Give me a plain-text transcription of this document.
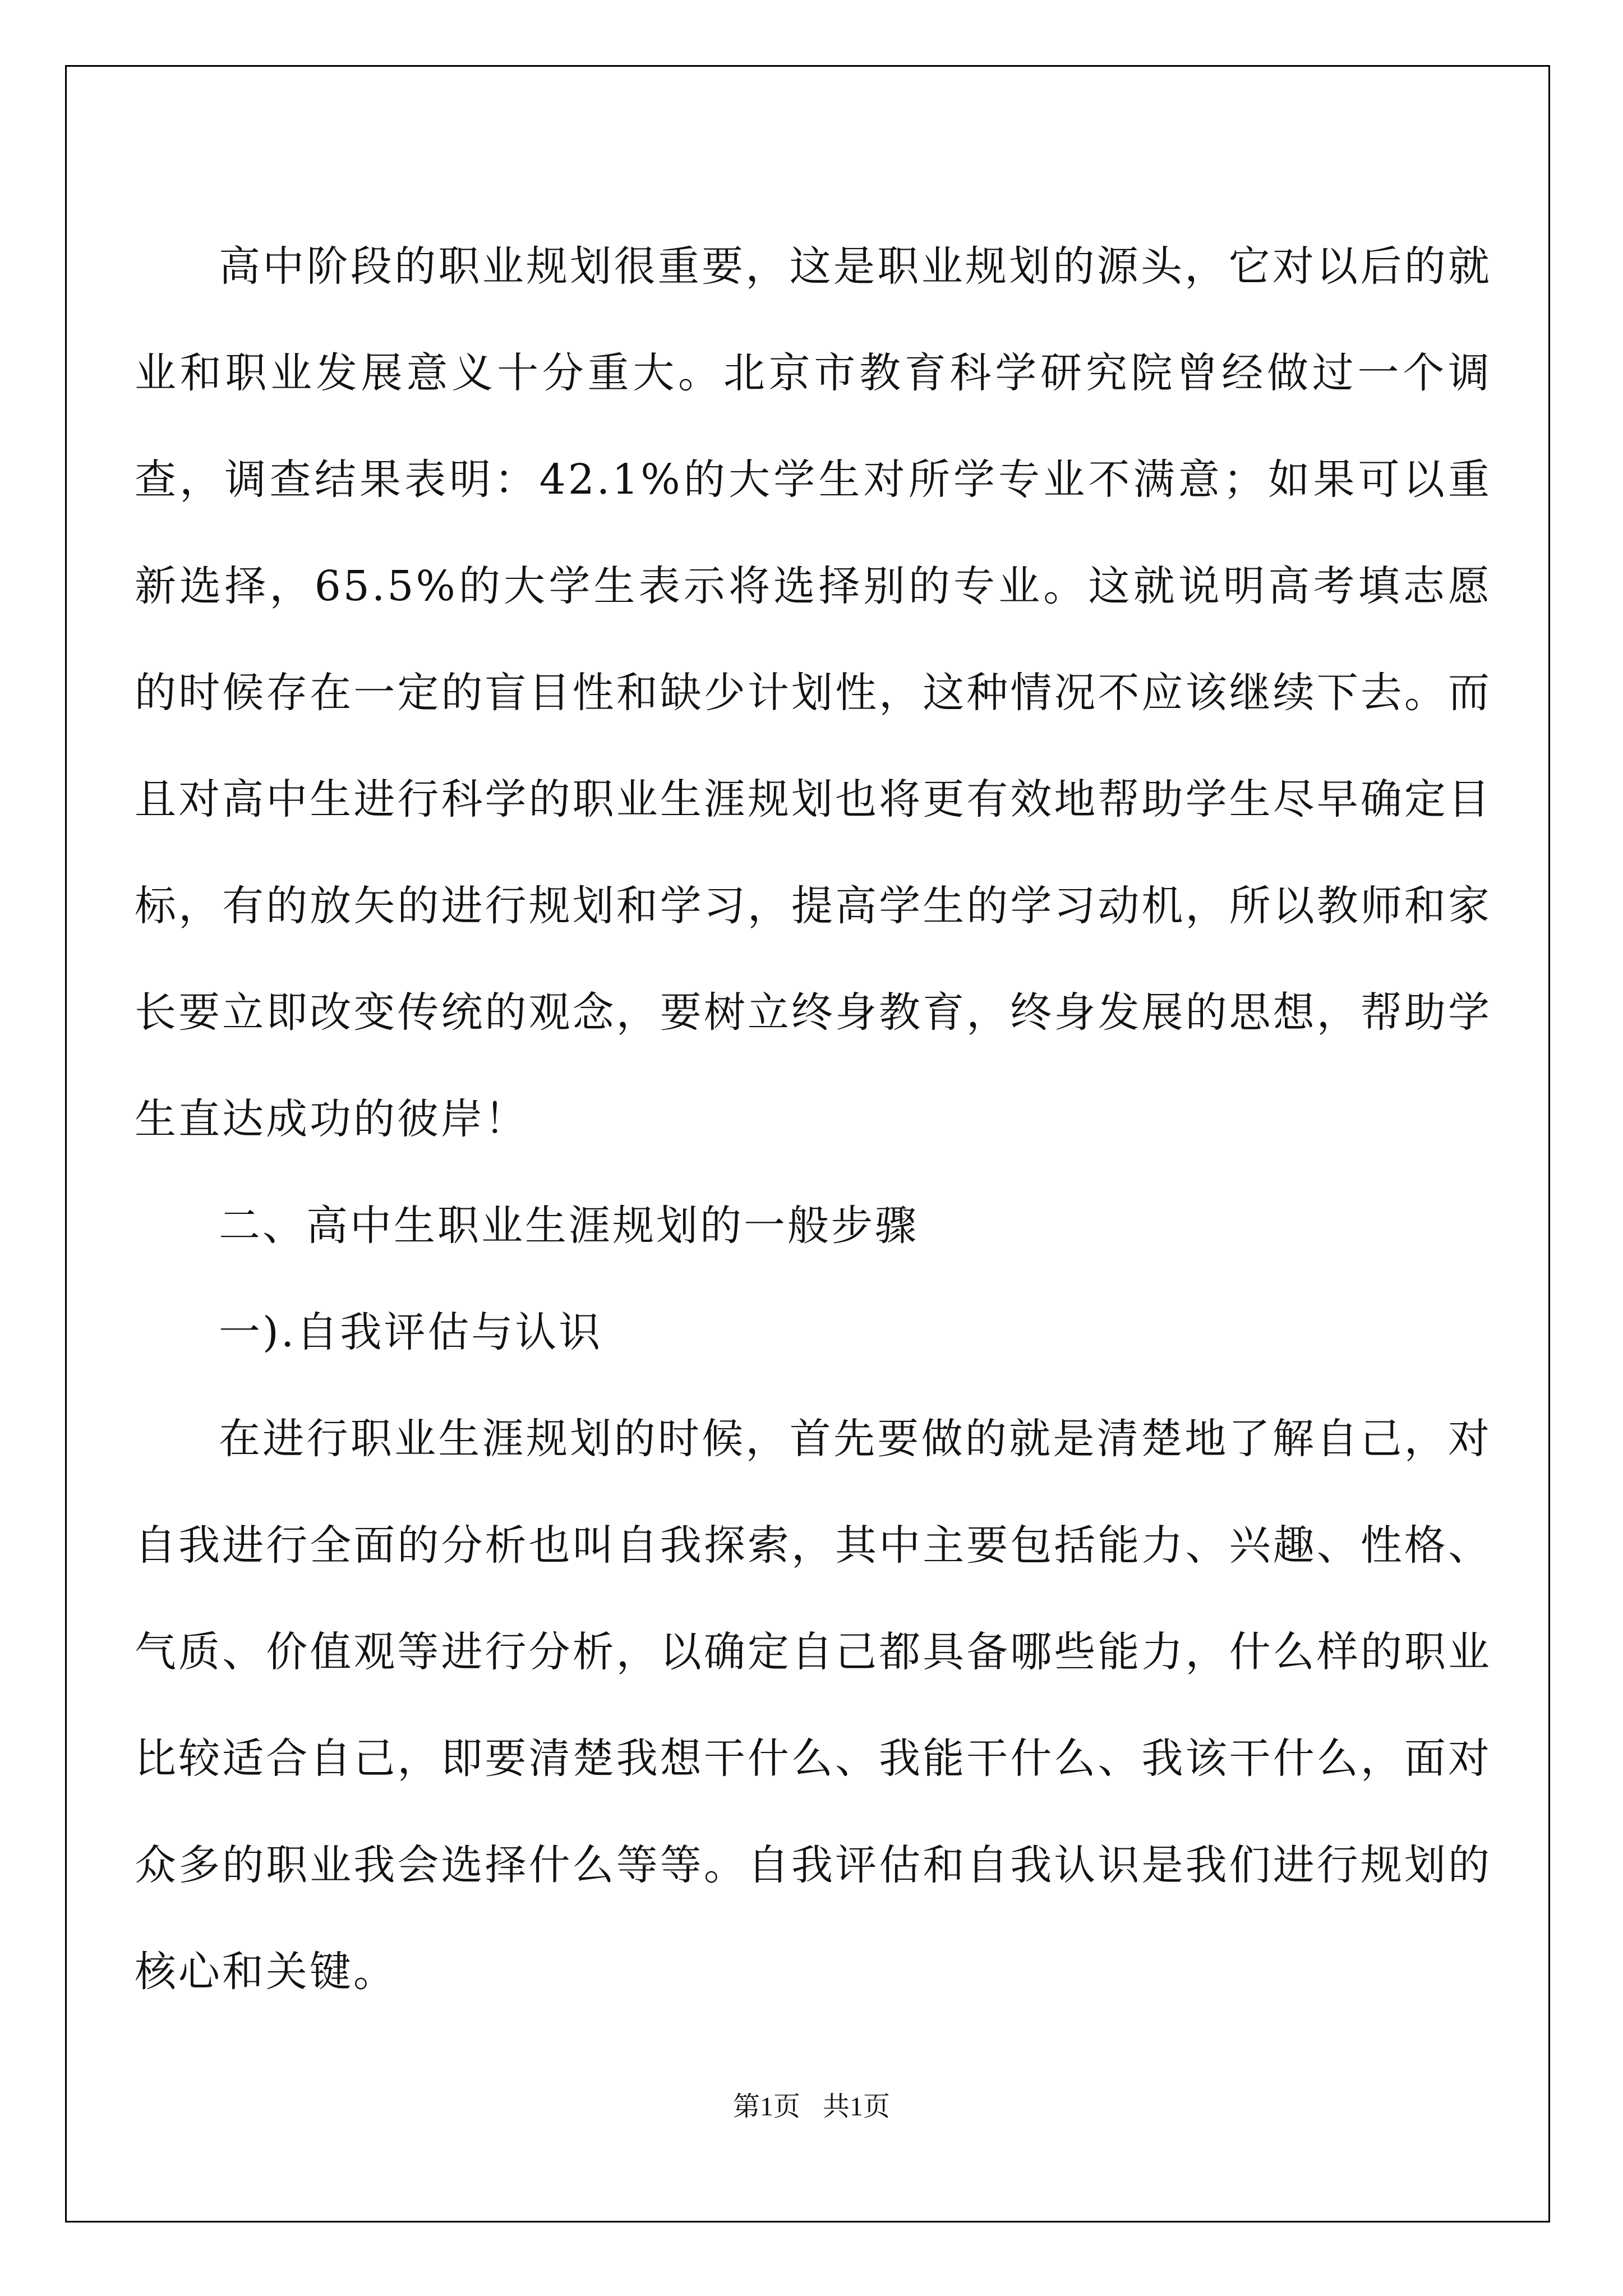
高中阶段的职业规划很重要，这是职业规划的源头，它对以后的就业和职业发展意义十分重大。北京市教育科学研究院曾经做过一个调查，调查结果表明：42.1%的大学生对所学专业不满意；如果可以重新选择，65.5%的大学生表示将选择别的专业。这就说明高考填志愿的时候存在一定的盲目性和缺少计划性，这种情况不应该继续下去。而且对高中生进行科学的职业生涯规划也将更有效地帮助学生尽早确定目标，有的放矢的进行规划和学习，提高学生的学习动机，所以教师和家长要立即改变传统的观念，要树立终身教育，终身发展的思想，帮助学生直达成功的彼岸！

二、高中生职业生涯规划的一般步骤

一).自我评估与认识

在进行职业生涯规划的时候，首先要做的就是清楚地了解自己，对自我进行全面的分析也叫自我探索，其中主要包括能力、兴趣、性格、气质、价值观等进行分析，以确定自己都具备哪些能力，什么样的职业比较适合自己，即要清楚我想干什么、我能干什么、我该干什么，面对众多的职业我会选择什么等等。自我评估和自我认识是我们进行规划的核心和关键。

第1页 共1页
